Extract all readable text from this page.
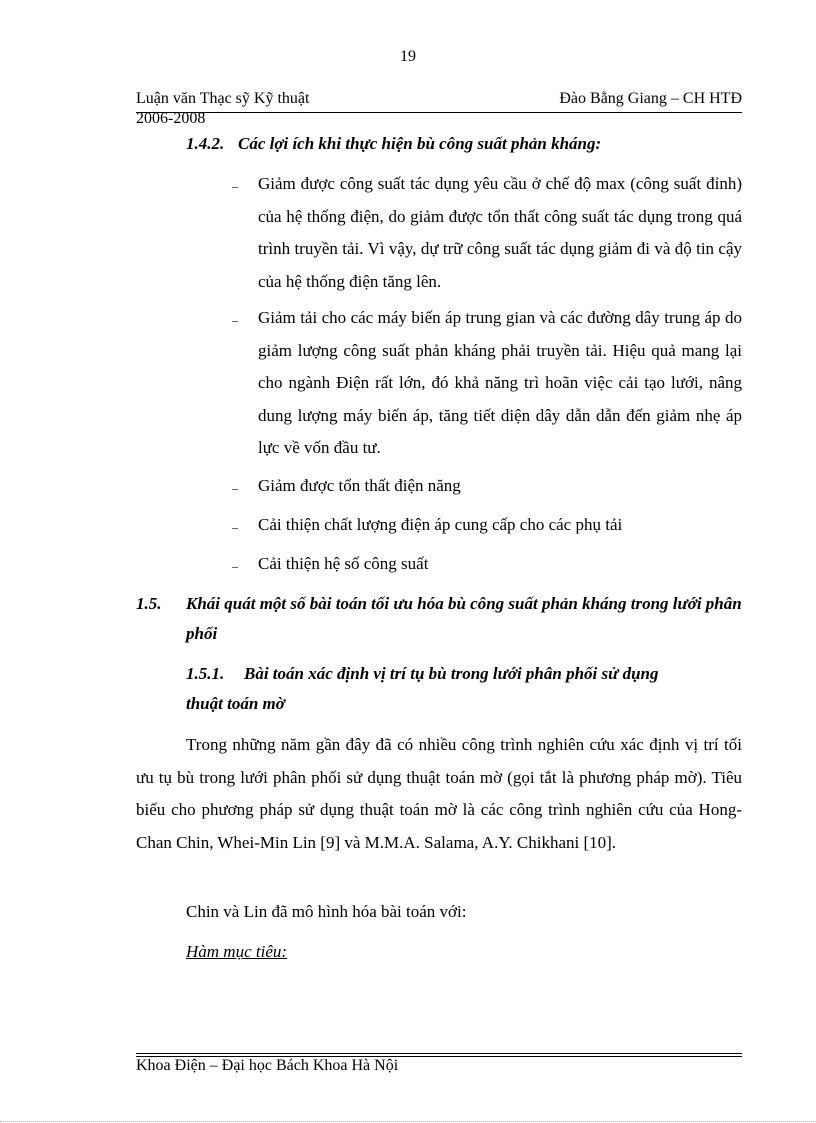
19
Luận văn Thạc sỹ Kỹ thuật	Đào Bằng Giang – CH HTĐ
2006-2008
1.4.2. Các lợi ích khi thực hiện bù công suất phản kháng:
– Giảm được công suất tác dụng yêu cầu ở chế độ max (công suất đỉnh) của hệ thống điện, do giảm được tổn thất công suất tác dụng trong quá trình truyền tải. Vì vậy, dự trữ công suất tác dụng giảm đi và độ tin cậy của hệ thống điện tăng lên.
– Giảm tải cho các máy biến áp trung gian và các đường dây trung áp do giảm lượng công suất phản kháng phải truyền tải. Hiệu quả mang lại cho ngành Điện rất lớn, đó khả năng trì hoãn việc cải tạo lưới, nâng dung lượng máy biến áp, tăng tiết diện dây dẫn dẫn đến giảm nhẹ áp lực về vốn đầu tư.
– Giảm được tổn thất điện năng
– Cải thiện chất lượng điện áp cung cấp cho các phụ tải
– Cải thiện hệ số công suất
1.5. Khái quát một số bài toán tối ưu hóa bù công suất phản kháng trong lưới phân phối
1.5.1. Bài toán xác định vị trí tụ bù trong lưới phân phối sử dụng
thuật toán mờ
Trong những năm gần đây đã có nhiều công trình nghiên cứu xác định vị trí tối ưu tụ bù trong lưới phân phối sử dụng thuật toán mờ (gọi tắt là phương pháp mờ). Tiêu biểu cho phương pháp sử dụng thuật toán mờ là các công trình nghiên cứu của Hong-Chan Chin, Whei-Min Lin [9] và M.M.A. Salama, A.Y. Chikhani [10].
Chin và Lin đã mô hình hóa bài toán với:
Hàm mục tiêu:
Khoa Điện – Đại học Bách Khoa Hà Nội
